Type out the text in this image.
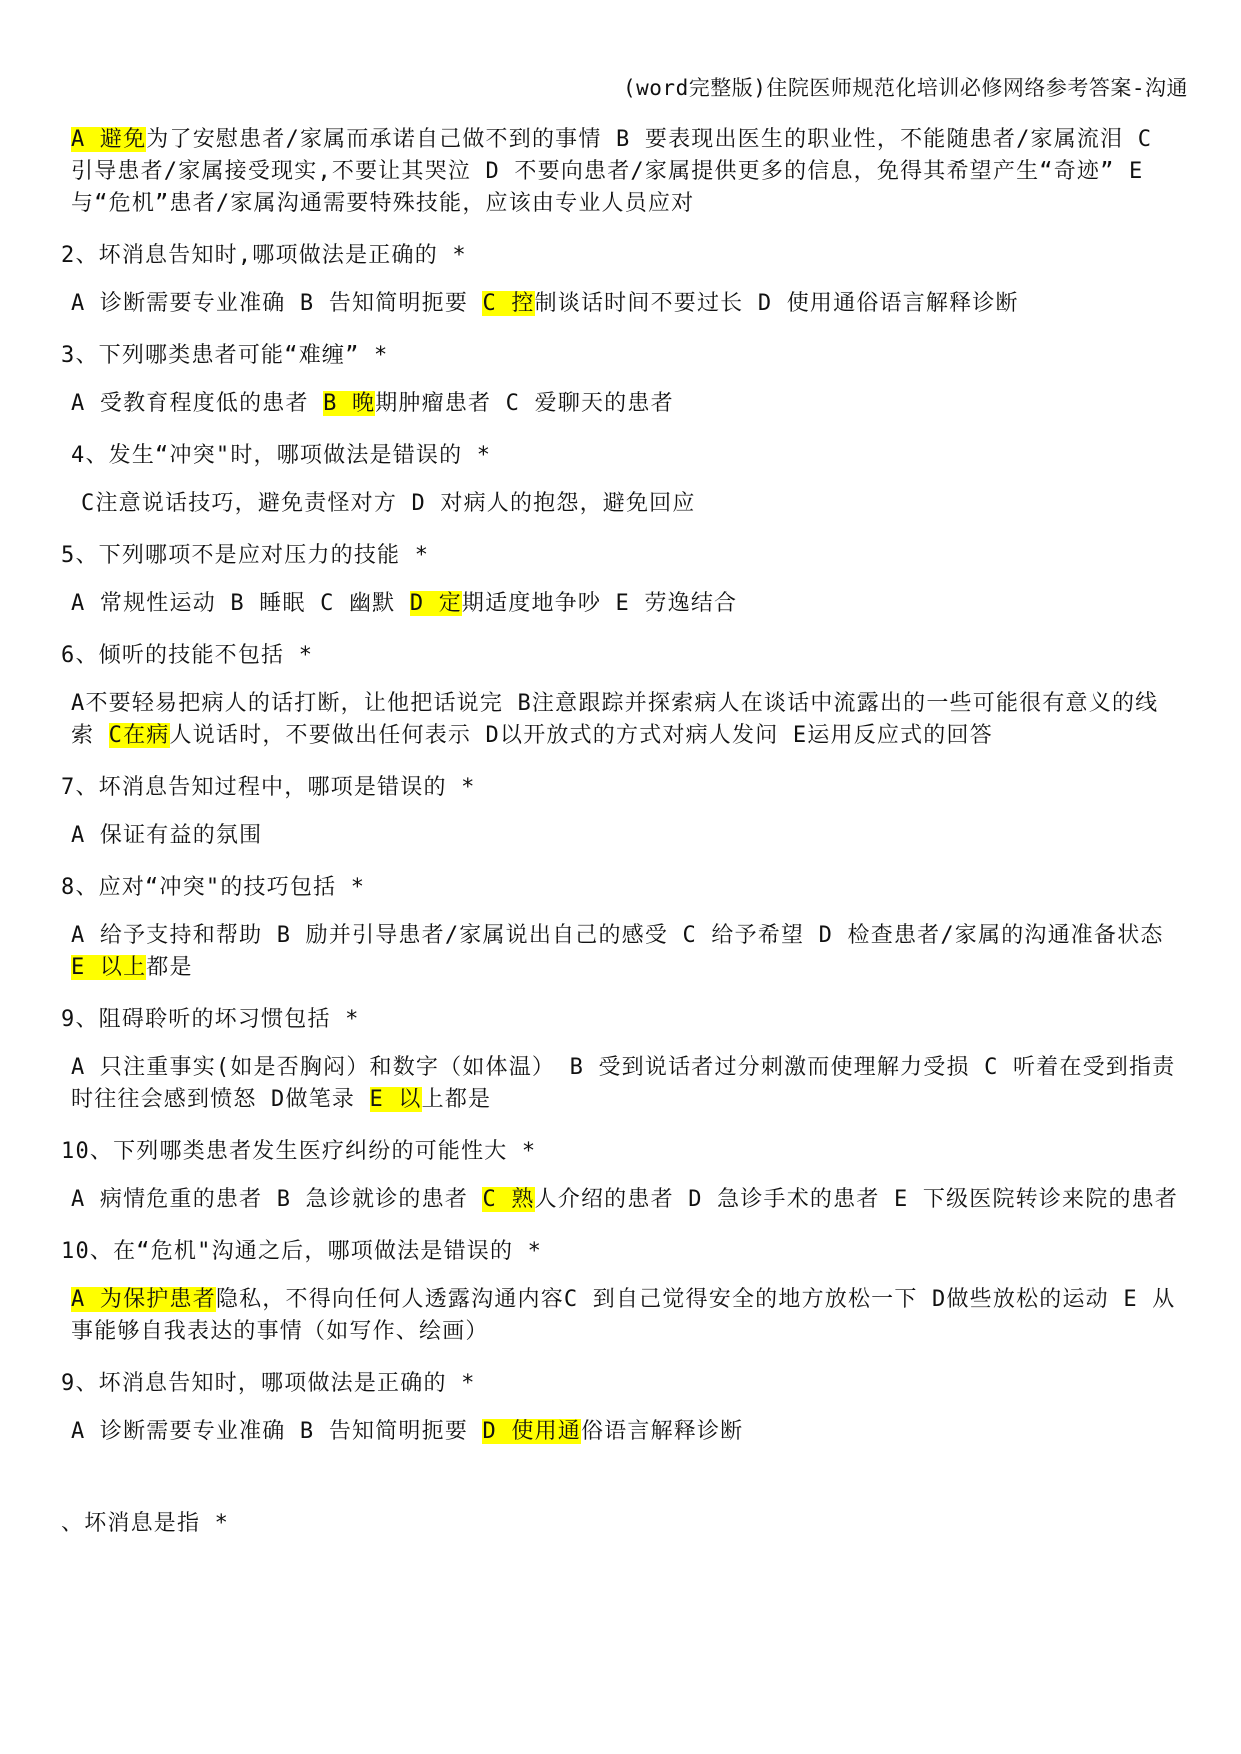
(word完整版)住院医师规范化培训必修网络参考答案-沟通

A 避免为了安慰患者/家属而承诺自己做不到的事情 B 要表现出医生的职业性，不能随患者/家属流泪 C 引导患者/家属接受现实,不要让其哭泣 D 不要向患者/家属提供更多的信息，免得其希望产生“奇迹” E 与“危机”患者/家属沟通需要特殊技能，应该由专业人员应对

2、坏消息告知时,哪项做法是正确的 *

A 诊断需要专业准确 B 告知简明扼要 C 控制谈话时间不要过长 D 使用通俗语言解释诊断

3、下列哪类患者可能“难缠” *

A 受教育程度低的患者 B 晚期肿瘤患者 C 爱聊天的患者

4、发生“冲突"时，哪项做法是错误的 *

C注意说话技巧，避免责怪对方 D 对病人的抱怨，避免回应

5、下列哪项不是应对压力的技能 *

A 常规性运动 B 睡眠 C 幽默 D 定期适度地争吵 E 劳逸结合

6、倾听的技能不包括 *

A不要轻易把病人的话打断，让他把话说完 B注意跟踪并探索病人在谈话中流露出的一些可能很有意义的线索 C在病人说话时，不要做出任何表示 D以开放式的方式对病人发问 E运用反应式的回答

7、坏消息告知过程中，哪项是错误的 *

A 保证有益的氛围

8、应对“冲突"的技巧包括 *

A 给予支持和帮助 B 励并引导患者/家属说出自己的感受 C 给予希望 D 检查患者/家属的沟通准备状态 E 以上都是

9、阻碍聆听的坏习惯包括 *

A 只注重事实(如是否胸闷）和数字（如体温） B 受到说话者过分刺激而使理解力受损 C 听着在受到指责时往往会感到愤怒 D做笔录 E 以上都是

10、下列哪类患者发生医疗纠纷的可能性大 *

A 病情危重的患者 B 急诊就诊的患者 C 熟人介绍的患者 D 急诊手术的患者 E 下级医院转诊来院的患者

10、在“危机"沟通之后，哪项做法是错误的 *

A 为保护患者隐私，不得向任何人透露沟通内容C 到自己觉得安全的地方放松一下 D做些放松的运动 E 从事能够自我表达的事情（如写作、绘画）

9、坏消息告知时，哪项做法是正确的 *

A 诊断需要专业准确 B 告知简明扼要 D 使用通俗语言解释诊断

、坏消息是指 *
